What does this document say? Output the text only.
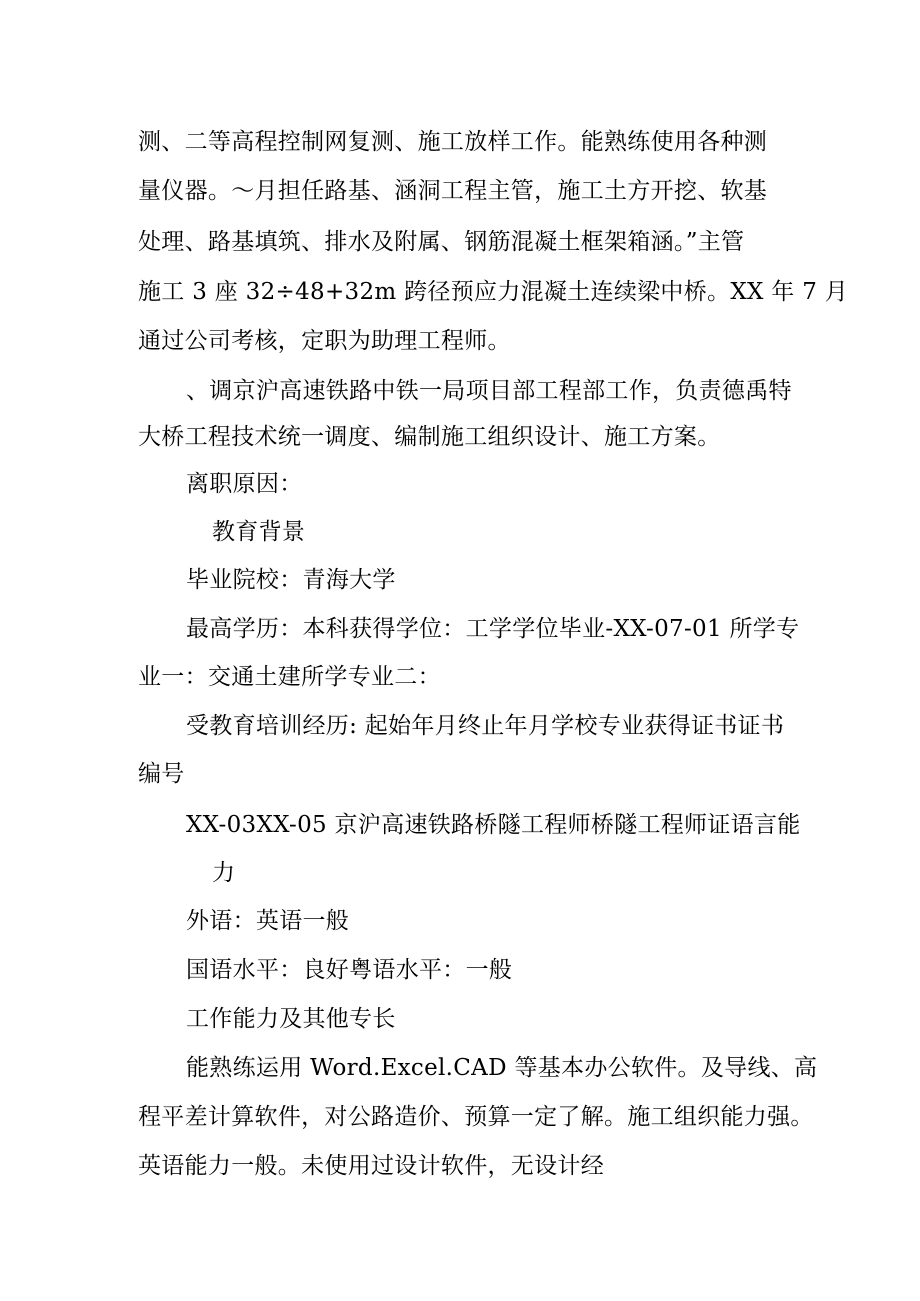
测、二等高程控制网复测、施工放样工作。能熟练使用各种测
量仪器。～月担任路基、涵洞工程主管，施工土方开挖、软基
处理、路基填筑、排水及附属、钢筋混凝土框架箱涵。”主管
施工 3 座 32÷48+32m 跨径预应力混凝土连续梁中桥。XX 年 7 月
通过公司考核，定职为助理工程师。
、调京沪高速铁路中铁一局项目部工程部工作，负责德禹特
大桥工程技术统一调度、编制施工组织设计、施工方案。
离职原因：
教育背景
毕业院校：青海大学
最高学历：本科获得学位：工学学位毕业-XX-07-01 所学专
业一：交通土建所学专业二：
受教育培训经历: 起始年月终止年月学校专业获得证书证书
编号
XX-03XX-05 京沪高速铁路桥隧工程师桥隧工程师证语言能
力
外语：英语一般
国语水平：良好粤语水平：一般
工作能力及其他专长
能熟练运用 Word.Excel.CAD 等基本办公软件。及导线、高
程平差计算软件，对公路造价、预算一定了解。施工组织能力强。
英语能力一般。未使用过设计软件，无设计经
